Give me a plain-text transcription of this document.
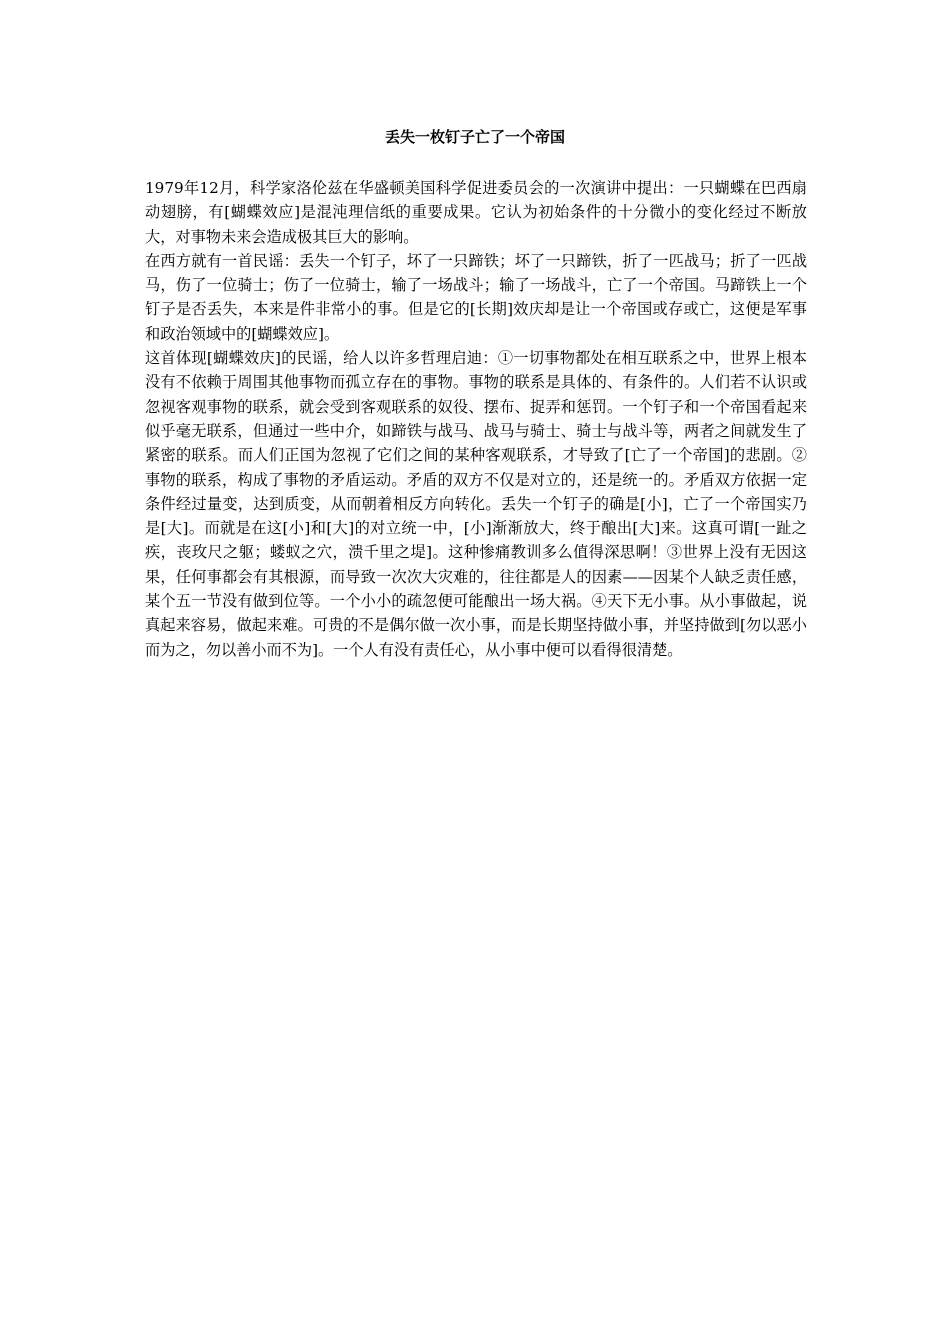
丢失一枚钉子亡了一个帝国

1979年12月，科学家洛伦兹在华盛顿美国科学促进委员会的一次演讲中提出：一只蝴蝶在巴西扇动翅膀，有[蝴蝶效应]是混沌理信纸的重要成果。它认为初始条件的十分微小的变化经过不断放大，对事物未来会造成极其巨大的影响。

在西方就有一首民谣：丢失一个钉子，坏了一只蹄铁；坏了一只蹄铁，折了一匹战马；折了一匹战马，伤了一位骑士；伤了一位骑士，输了一场战斗；输了一场战斗，亡了一个帝国。马蹄铁上一个钉子是否丢失，本来是件非常小的事。但是它的[长期]效庆却是让一个帝国或存或亡，这便是军事和政治领域中的[蝴蝶效应]。

这首体现[蝴蝶效庆]的民谣，给人以许多哲理启迪：①一切事物都处在相互联系之中，世界上根本没有不依赖于周围其他事物而孤立存在的事物。事物的联系是具体的、有条件的。人们若不认识或忽视客观事物的联系，就会受到客观联系的奴役、摆布、捉弄和惩罚。一个钉子和一个帝国看起来似乎毫无联系，但通过一些中介，如蹄铁与战马、战马与骑士、骑士与战斗等，两者之间就发生了紧密的联系。而人们正国为忽视了它们之间的某种客观联系，才导致了[亡了一个帝国]的悲剧。②事物的联系，构成了事物的矛盾运动。矛盾的双方不仅是对立的，还是统一的。矛盾双方依据一定条件经过量变，达到质变，从而朝着相反方向转化。丢失一个钉子的确是[小]，亡了一个帝国实乃是[大]。而就是在这[小]和[大]的对立统一中，[小]渐渐放大，终于酿出[大]来。这真可谓[一趾之疾，丧玫尺之躯；蝼蚁之穴，溃千里之堤]。这种惨痛教训多么值得深思啊！③世界上没有无因这果，任何事都会有其根源，而导致一次次大灾难的，往往都是人的因素——因某个人缺乏责任感，某个五一节没有做到位等。一个小小的疏忽便可能酿出一场大祸。④天下无小事。从小事做起，说真起来容易，做起来难。可贵的不是偶尔做一次小事，而是长期坚持做小事，并坚持做到[勿以恶小而为之，勿以善小而不为]。一个人有没有责任心，从小事中便可以看得很清楚。
